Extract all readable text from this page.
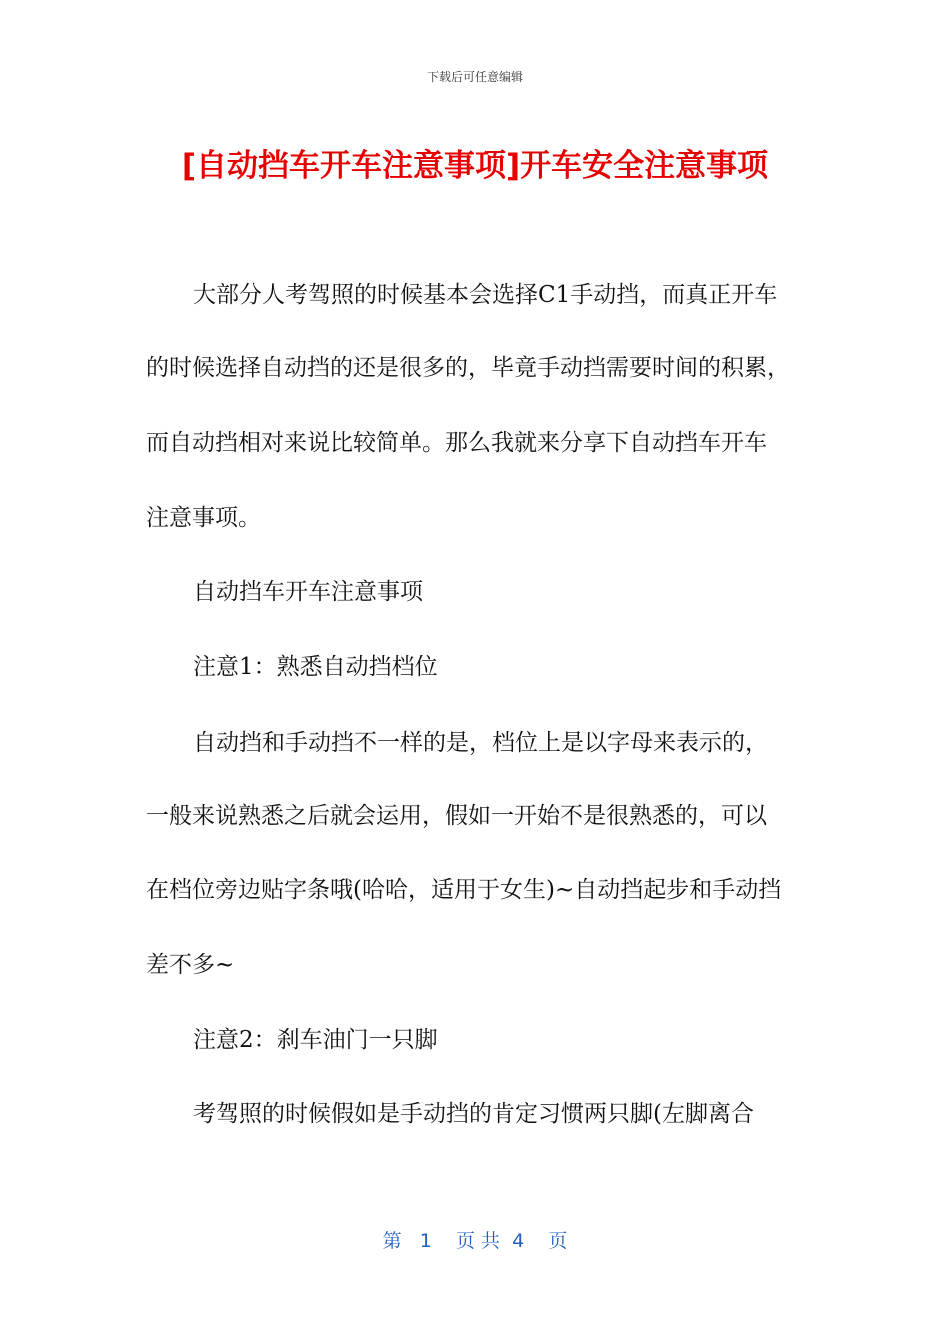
下载后可任意编辑
[自动挡车开车注意事项]开车安全注意事项
大部分人考驾照的时候基本会选择C1手动挡，而真正开车
的时候选择自动挡的还是很多的，毕竟手动挡需要时间的积累，
而自动挡相对来说比较简单。那么我就来分享下自动挡车开车
注意事项。
自动挡车开车注意事项
注意1：熟悉自动挡档位
自动挡和手动挡不一样的是，档位上是以字母来表示的，
一般来说熟悉之后就会运用，假如一开始不是很熟悉的，可以
在档位旁边贴字条哦(哈哈，适用于女生)~自动挡起步和手动挡
差不多~
注意2：刹车油门一只脚
考驾照的时候假如是手动挡的肯定习惯两只脚(左脚离合
第   1    页 共  4    页
